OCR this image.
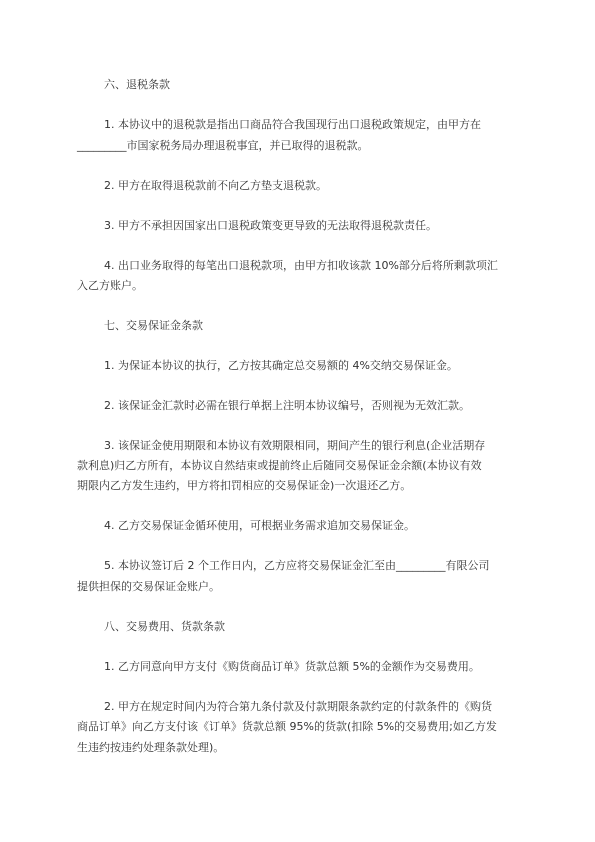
六、退税条款
1. 本协议中的退税款是指出口商品符合我国现行出口退税政策规定，由甲方在
_________市国家税务局办理退税事宜，并已取得的退税款。
2. 甲方在取得退税款前不向乙方垫支退税款。
3. 甲方不承担因国家出口退税政策变更导致的无法取得退税款责任。
4. 出口业务取得的每笔出口退税款项，由甲方扣收该款 10%部分后将所剩款项汇
入乙方账户。
七、交易保证金条款
1. 为保证本协议的执行，乙方按其确定总交易额的 4%交纳交易保证金。
2. 该保证金汇款时必需在银行单据上注明本协议编号，否则视为无效汇款。
3. 该保证金使用期限和本协议有效期限相同，期间产生的银行利息(企业活期存
款利息)归乙方所有，本协议自然结束或提前终止后随同交易保证金余额(本协议有效
期限内乙方发生违约，甲方将扣罚相应的交易保证金)一次退还乙方。
4. 乙方交易保证金循环使用，可根据业务需求追加交易保证金。
5. 本协议签订后 2 个工作日内，乙方应将交易保证金汇至由_________有限公司
提供担保的交易保证金账户。
八、交易费用、货款条款
1. 乙方同意向甲方支付《购货商品订单》货款总额 5%的金额作为交易费用。
2. 甲方在规定时间内为符合第九条付款及付款期限条款约定的付款条件的《购货
商品订单》向乙方支付该《订单》货款总额 95%的货款(扣除 5%的交易费用;如乙方发
生违约按违约处理条款处理)。
